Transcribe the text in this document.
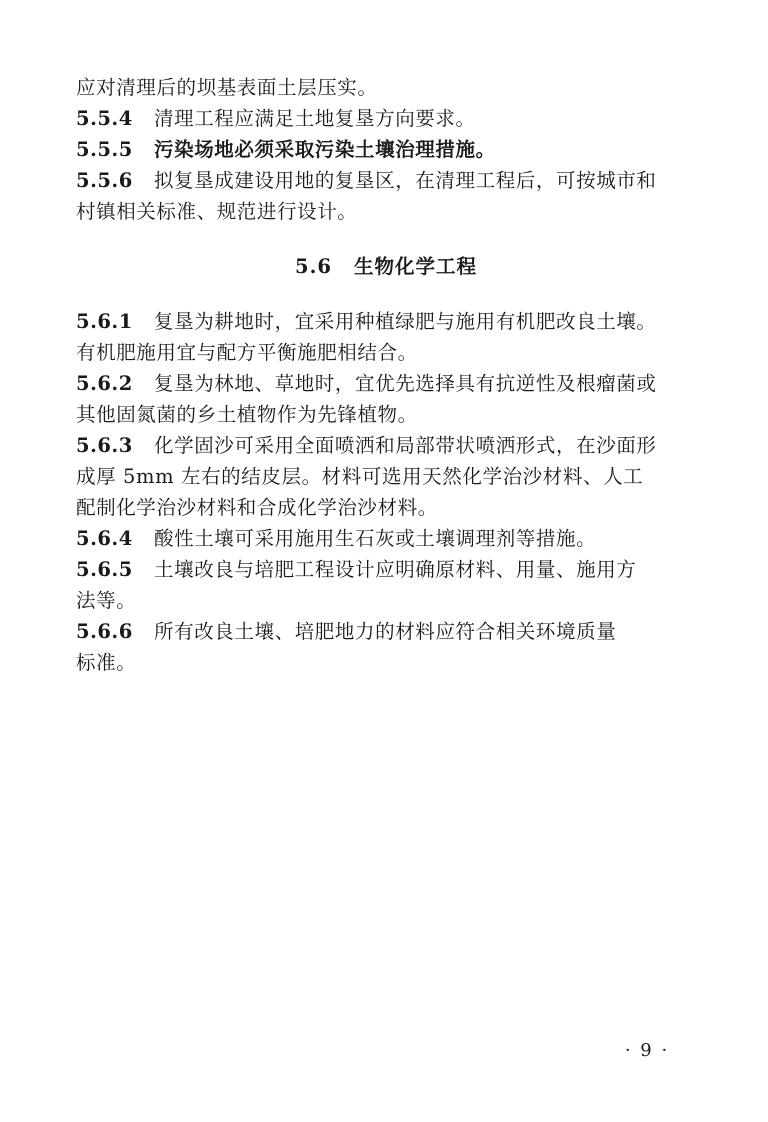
应对清理后的坝基表面土层压实。
5.5.4 清理工程应满足土地复垦方向要求。
5.5.5 污染场地必须采取污染土壤治理措施。
5.5.6 拟复垦成建设用地的复垦区，在清理工程后，可按城市和
村镇相关标准、规范进行设计。
5.6 生物化学工程
5.6.1 复垦为耕地时，宜采用种植绿肥与施用有机肥改良土壤。
有机肥施用宜与配方平衡施肥相结合。
5.6.2 复垦为林地、草地时，宜优先选择具有抗逆性及根瘤菌或
其他固氮菌的乡土植物作为先锋植物。
5.6.3 化学固沙可采用全面喷洒和局部带状喷洒形式，在沙面形
成厚 5mm 左右的结皮层。材料可选用天然化学治沙材料、人工
配制化学治沙材料和合成化学治沙材料。
5.6.4 酸性土壤可采用施用生石灰或土壤调理剂等措施。
5.6.5 土壤改良与培肥工程设计应明确原材料、用量、施用方
法等。
5.6.6 所有改良土壤、培肥地力的材料应符合相关环境质量
标准。
· 9 ·
